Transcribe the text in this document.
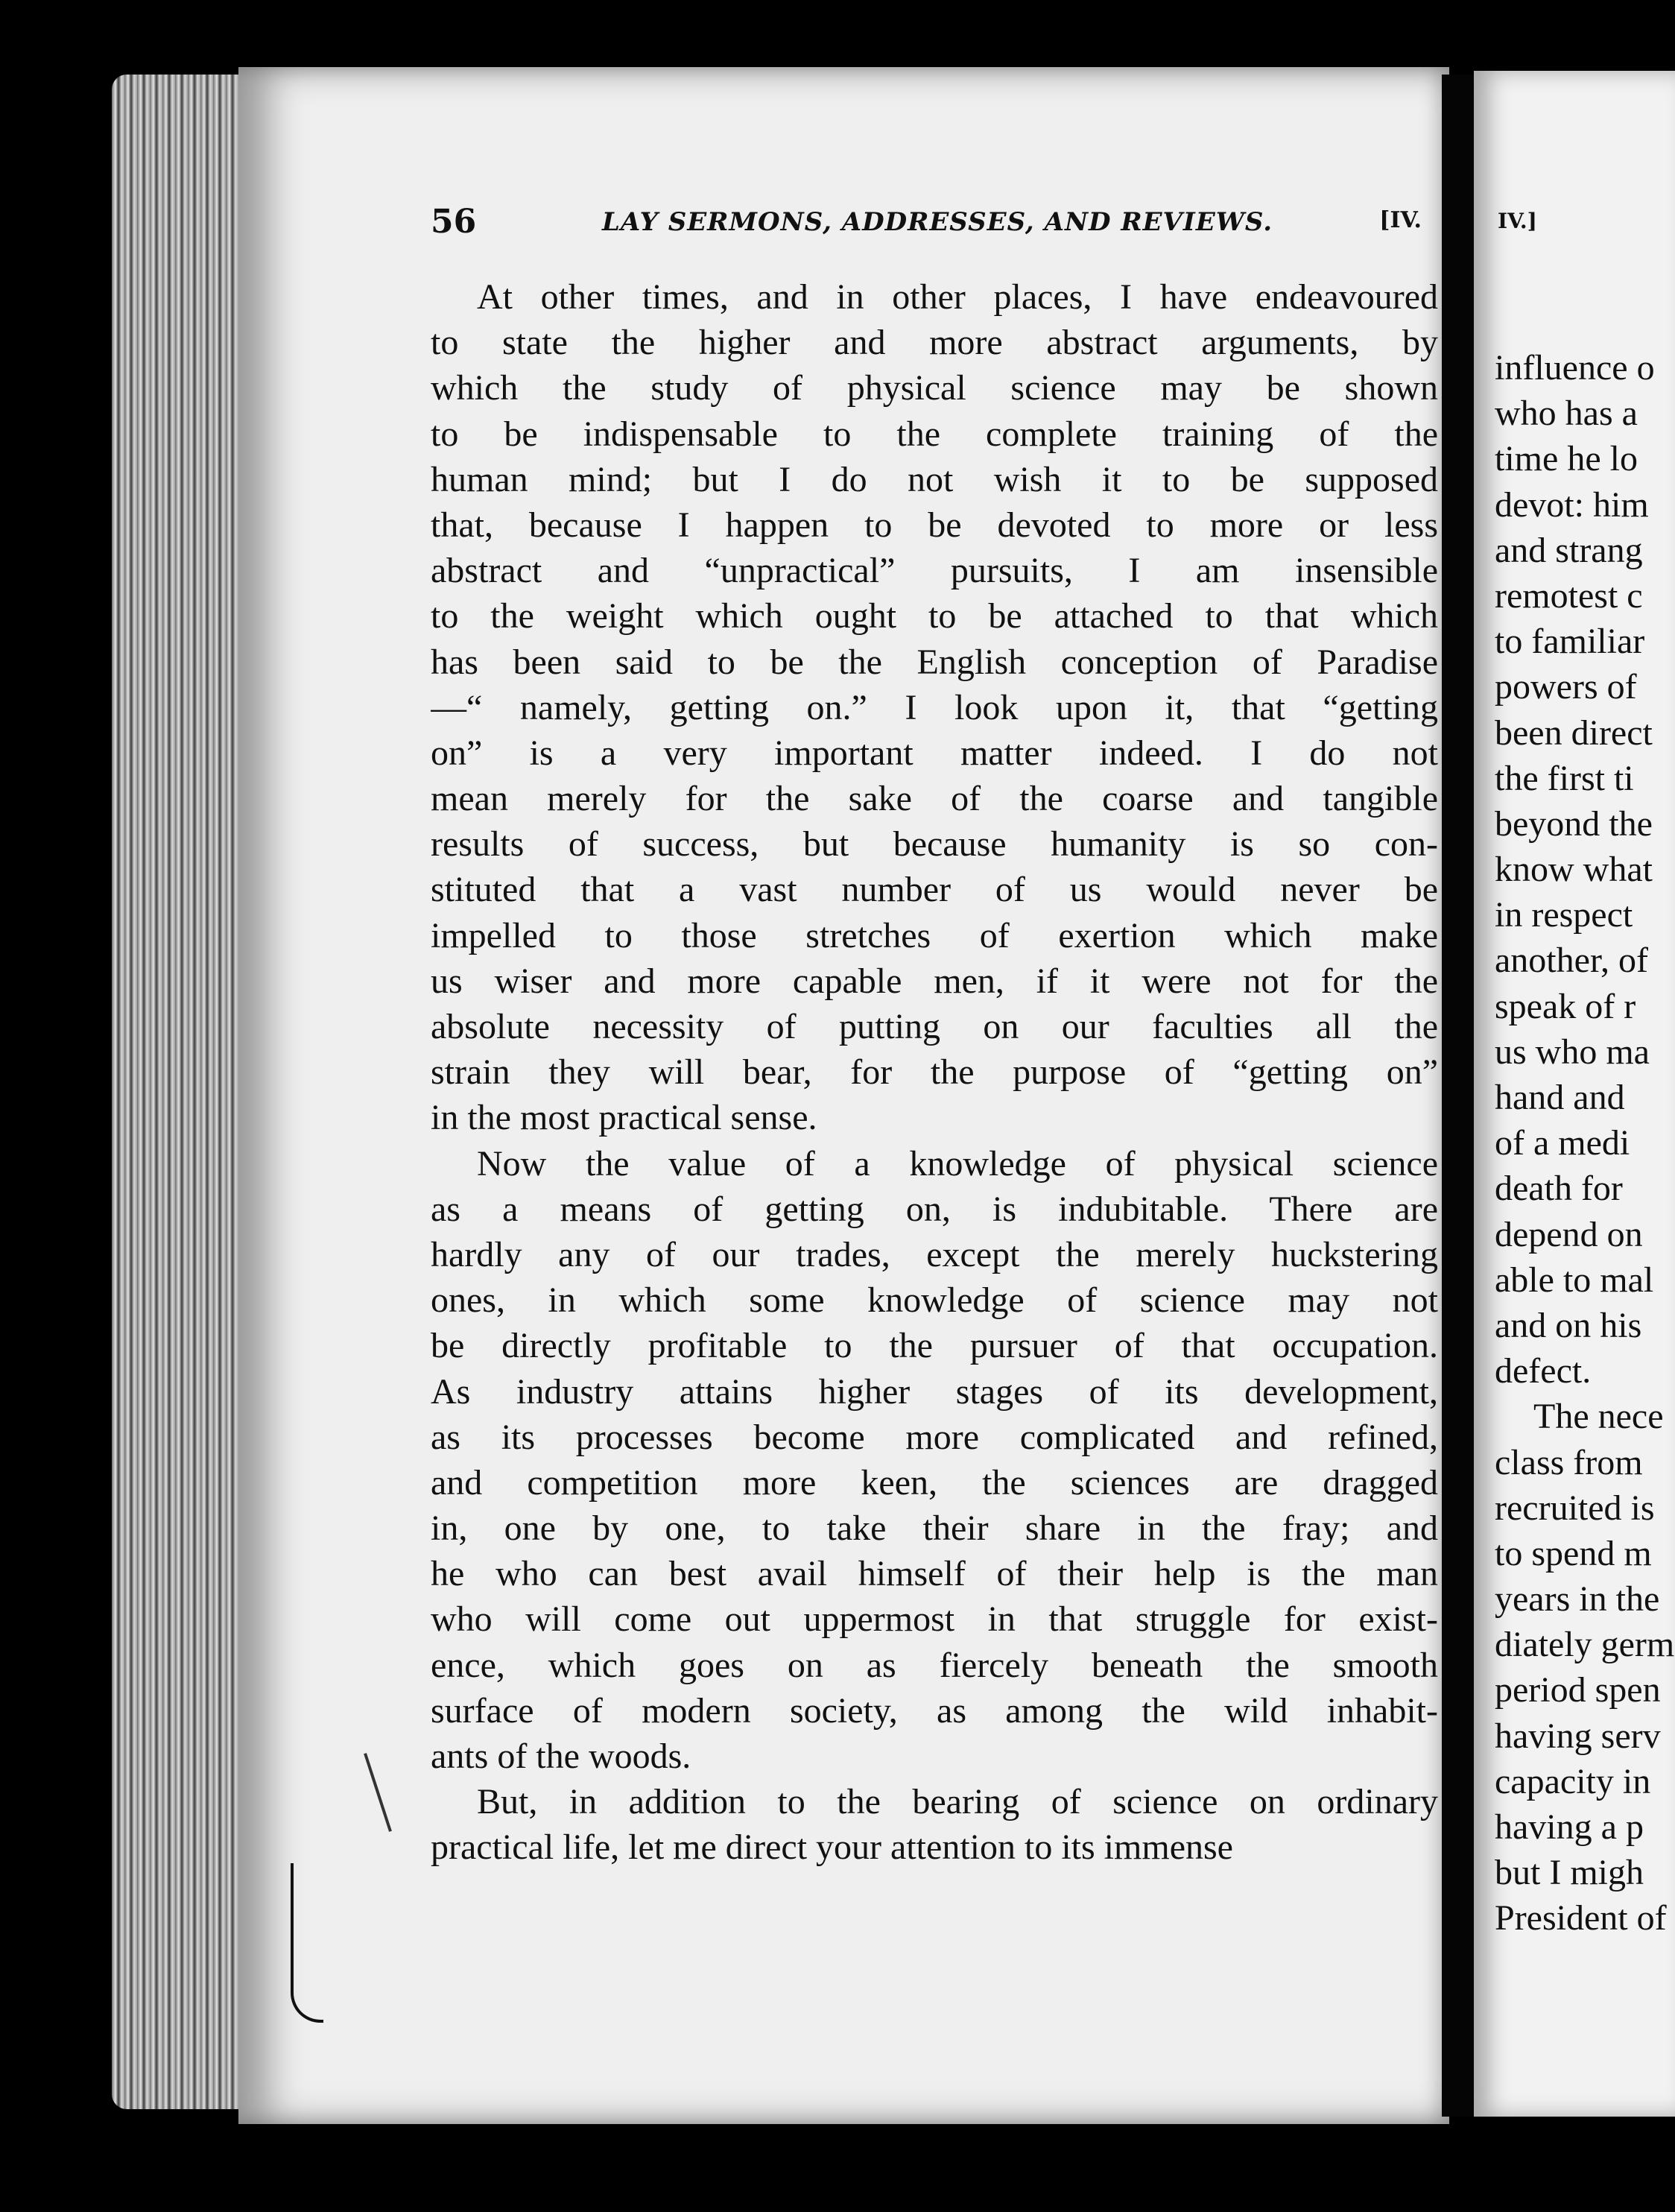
IV.]
influence o
who has a
time he lo
devot: him
and strang
remotest c
to familiar
powers of
been direct
the first ti
beyond the
know what
in respect
another, of
speak of r
us who ma
hand and
of a medi
death for
depend on
able to mal
and on his
defect.
The nece
class from
recruited is
to spend m
years in the
diately germ
period spen
having serv
capacity in
having a p
but I migh
President of
56	LAY SERMONS, ADDRESSES, AND REVIEWS.	[IV.
At other times, and in other places, I have endeavoured
to state the higher and more abstract arguments, by
which the study of physical science may be shown
to be indispensable to the complete training of the
human mind; but I do not wish it to be supposed
that, because I happen to be devoted to more or less
abstract and “unpractical” pursuits, I am insensible
to the weight which ought to be attached to that which
has been said to be the English conception of Paradise
—“ namely, getting on.” I look upon it, that “getting
on” is a very important matter indeed. I do not
mean merely for the sake of the coarse and tangible
results of success, but because humanity is so con-
stituted that a vast number of us would never be
impelled to those stretches of exertion which make
us wiser and more capable men, if it were not for the
absolute necessity of putting on our faculties all the
strain they will bear, for the purpose of “getting on”
in the most practical sense.
Now the value of a knowledge of physical science
as a means of getting on, is indubitable. There are
hardly any of our trades, except the merely huckstering
ones, in which some knowledge of science may not
be directly profitable to the pursuer of that occupation.
As industry attains higher stages of its development,
as its processes become more complicated and refined,
and competition more keen, the sciences are dragged
in, one by one, to take their share in the fray; and
he who can best avail himself of their help is the man
who will come out uppermost in that struggle for exist-
ence, which goes on as fiercely beneath the smooth
surface of modern society, as among the wild inhabit-
ants of the woods.
But, in addition to the bearing of science on ordinary
practical life, let me direct your attention to its immense
